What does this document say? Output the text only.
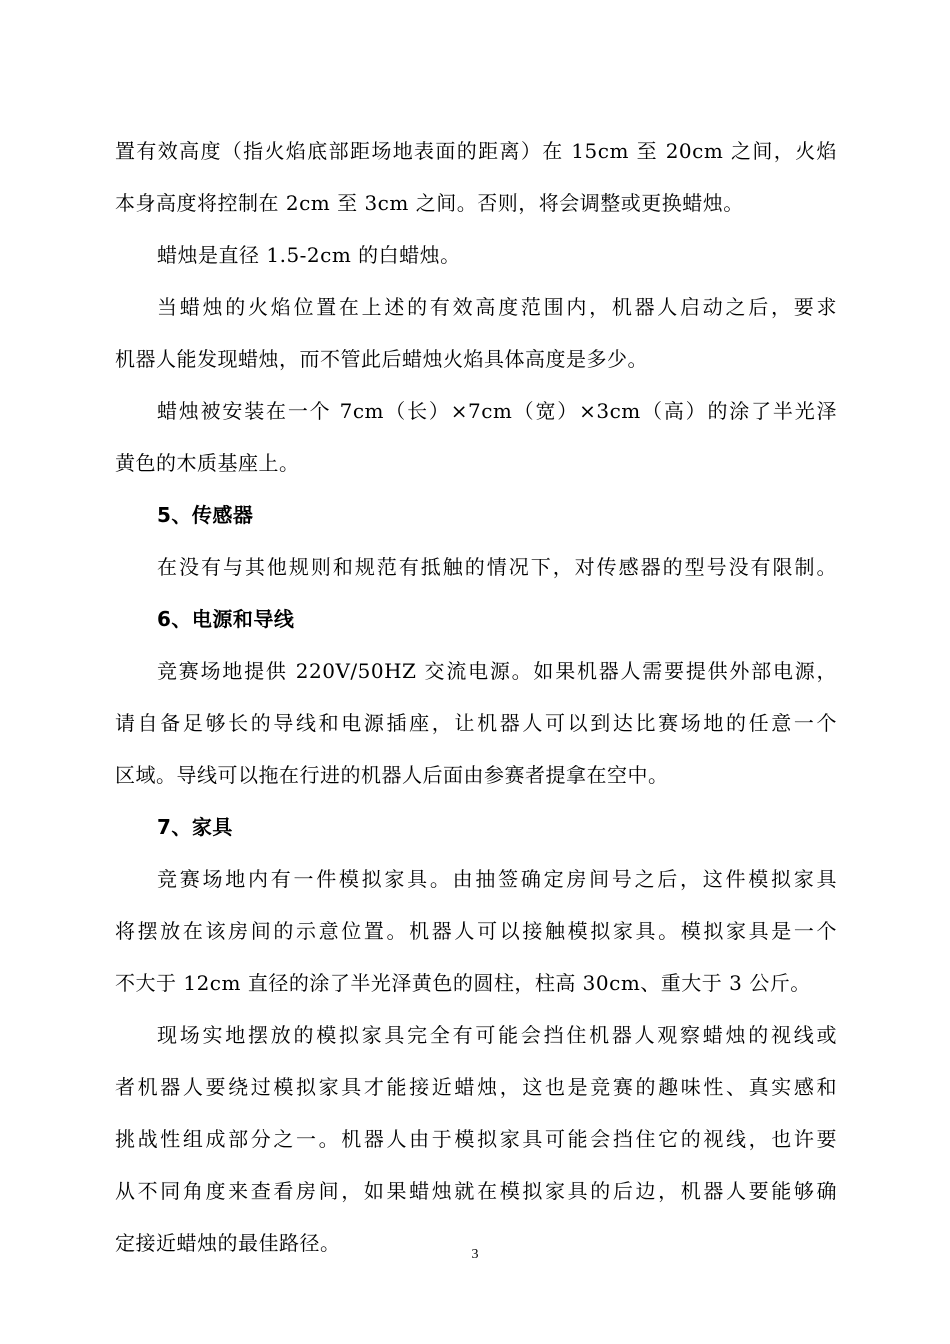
置有效高度（指火焰底部距场地表面的距离）在 15cm 至 20cm 之间，火焰
本身高度将控制在 2cm 至 3cm 之间。否则，将会调整或更换蜡烛。
蜡烛是直径 1.5-2cm 的白蜡烛。
当蜡烛的火焰位置在上述的有效高度范围内，机器人启动之后，要求
机器人能发现蜡烛，而不管此后蜡烛火焰具体高度是多少。
蜡烛被安装在一个 7cm（长）×7cm（宽）×3cm（高）的涂了半光泽
黄色的木质基座上。
5、传感器
在没有与其他规则和规范有抵触的情况下，对传感器的型号没有限制。
6、电源和导线
竞赛场地提供 220V/50HZ 交流电源。如果机器人需要提供外部电源，
请自备足够长的导线和电源插座，让机器人可以到达比赛场地的任意一个
区域。导线可以拖在行进的机器人后面由参赛者提拿在空中。
7、家具
竞赛场地内有一件模拟家具。由抽签确定房间号之后，这件模拟家具
将摆放在该房间的示意位置。机器人可以接触模拟家具。模拟家具是一个
不大于 12cm 直径的涂了半光泽黄色的圆柱，柱高 30cm、重大于 3 公斤。
现场实地摆放的模拟家具完全有可能会挡住机器人观察蜡烛的视线或
者机器人要绕过模拟家具才能接近蜡烛，这也是竞赛的趣味性、真实感和
挑战性组成部分之一。机器人由于模拟家具可能会挡住它的视线，也许要
从不同角度来查看房间，如果蜡烛就在模拟家具的后边，机器人要能够确
定接近蜡烛的最佳路径。	3
